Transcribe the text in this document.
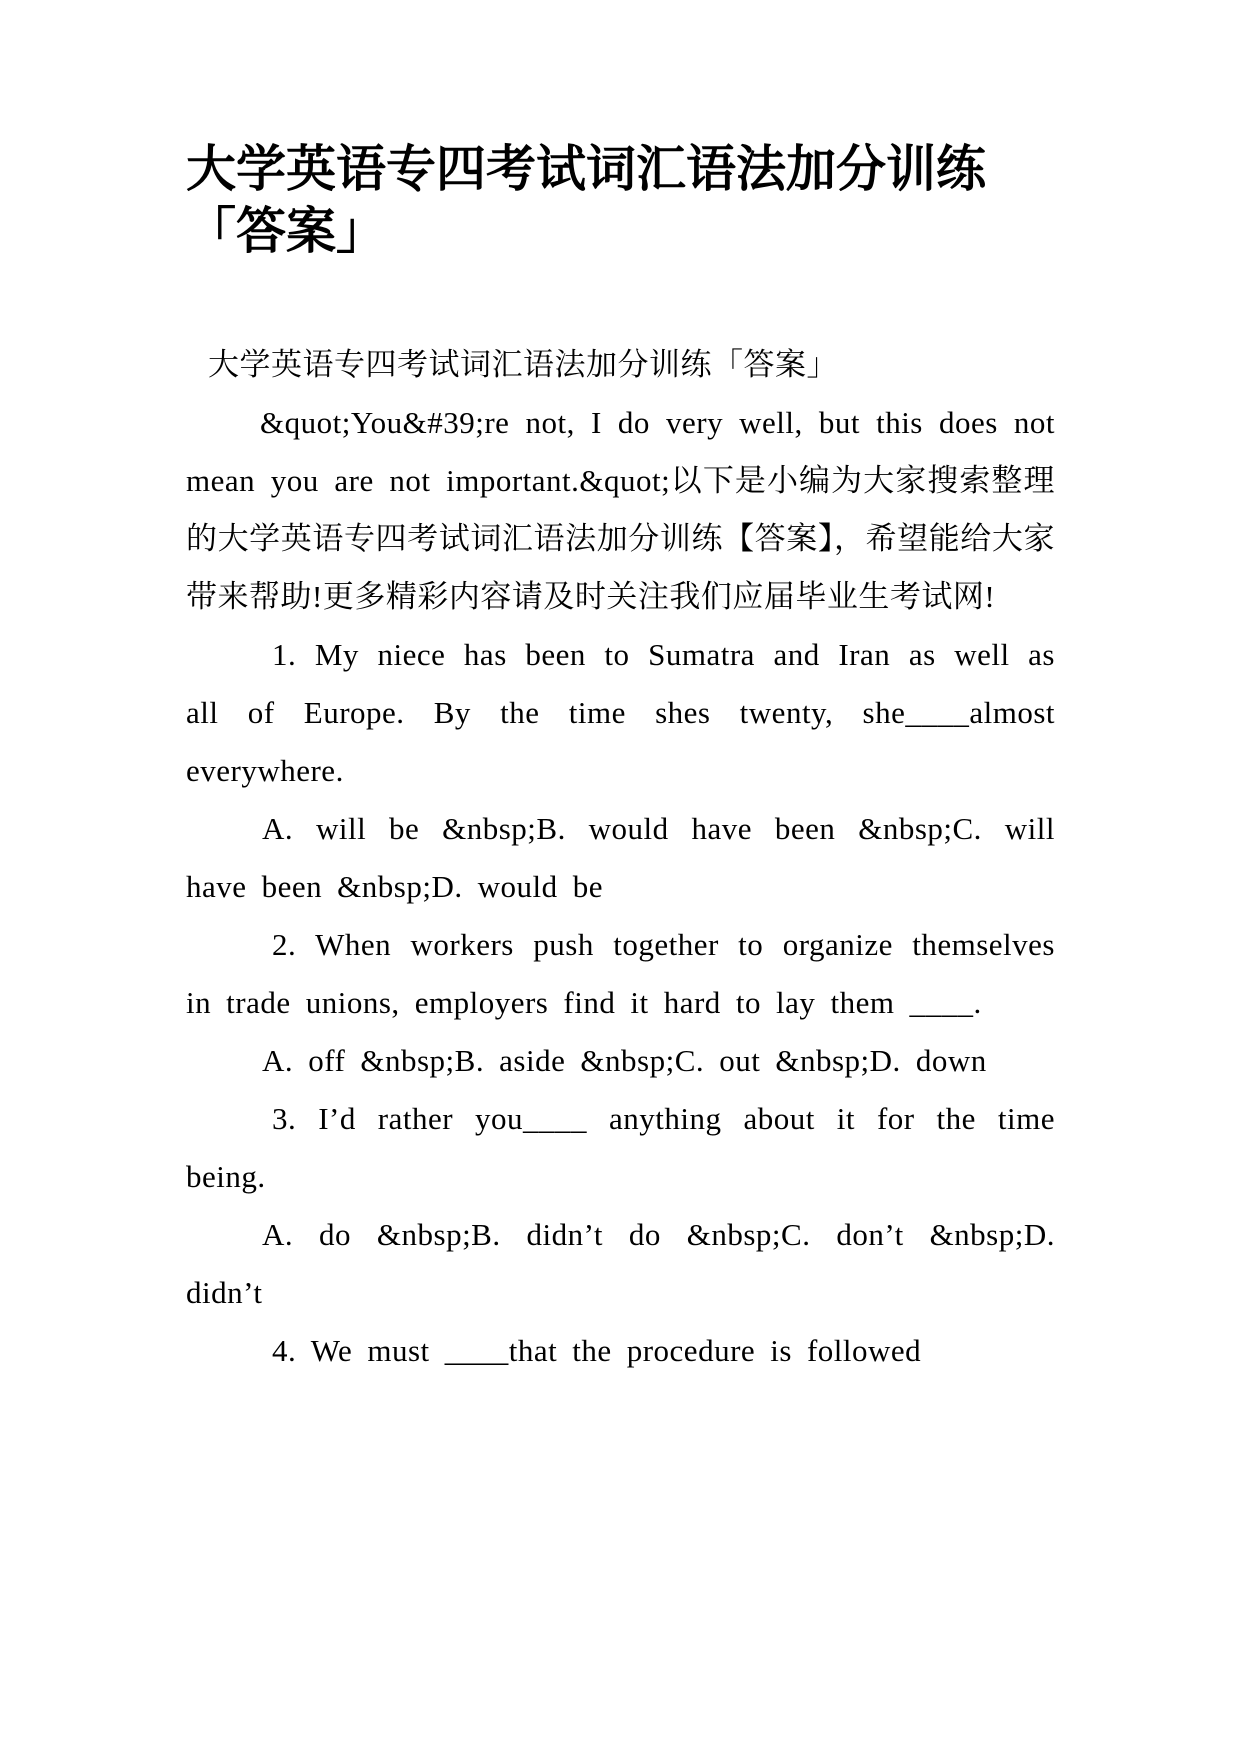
大学英语专四考试词汇语法加分训练「答案」

大学英语专四考试词汇语法加分训练「答案」

&quot;You&#39;re not, I do very well, but this does not mean you are not important.&quot;以下是小编为大家搜索整理的大学英语专四考试词汇语法加分训练【答案】，希望能给大家带来帮助!更多精彩内容请及时关注我们应届毕业生考试网!

1. My niece has been to Sumatra and Iran as well as all of Europe. By the time shes twenty, she____almost everywhere.

A. will be &nbsp;B. would have been &nbsp;C. will have been &nbsp;D. would be

2. When workers push together to organize themselves in trade unions, employers find it hard to lay them ____.

A. off &nbsp;B. aside &nbsp;C. out &nbsp;D. down

3. I’d rather you____ anything about it for the time being.

A. do &nbsp;B. didn’t do &nbsp;C. don’t &nbsp;D. didn’t

4. We must ____that the procedure is followed
